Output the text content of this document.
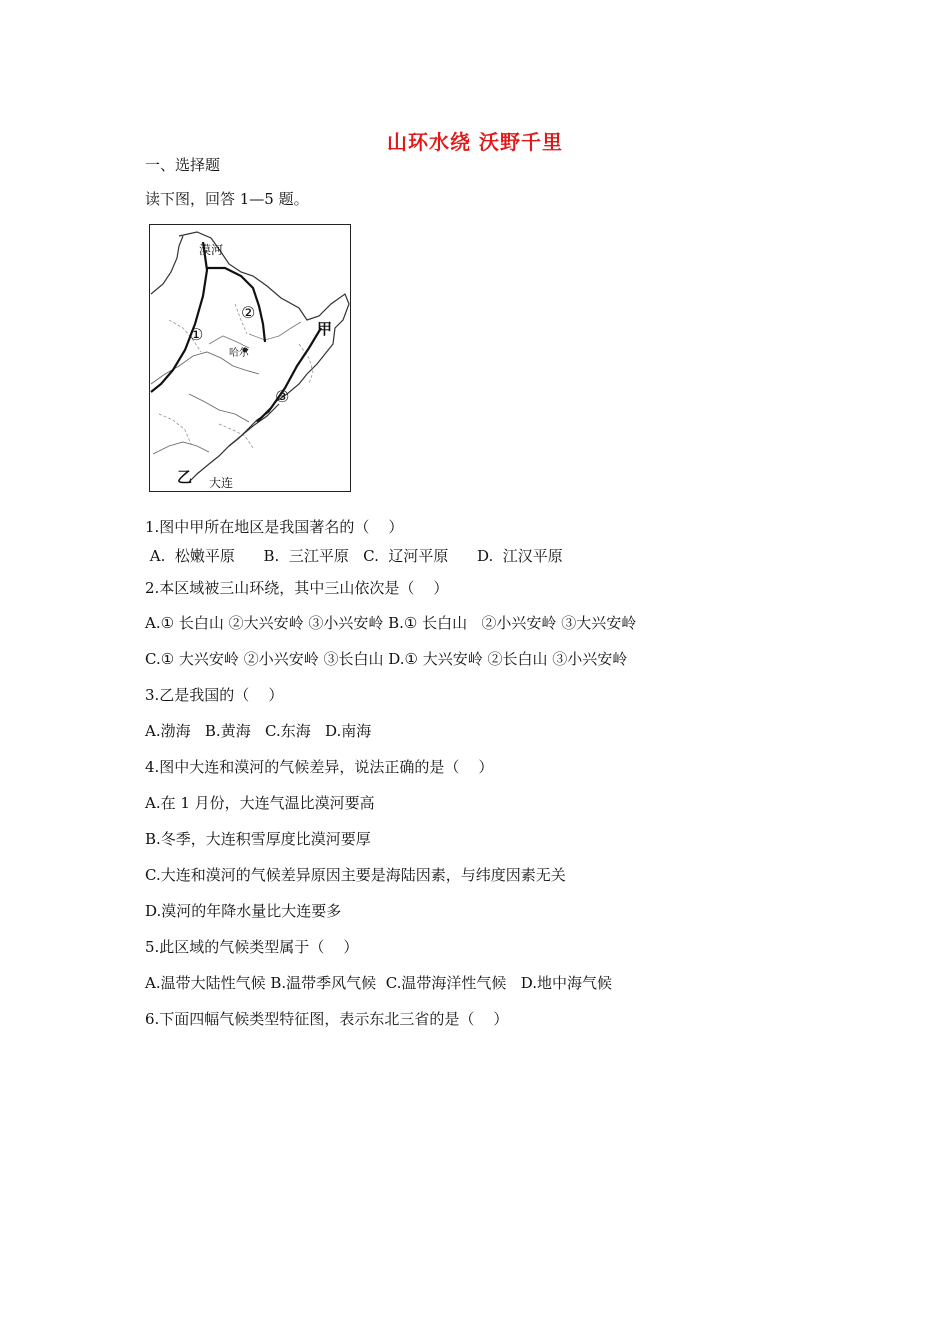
山环水绕 沃野千里
一、选择题
读下图，回答 1—5 题。
漠河
哈尔
甲
乙 大连
①
②
③
1.图中甲所在地区是我国著名的（    ）
A.  松嫩平原      B.  三江平原   C.  辽河平原      D.  江汉平原
2.本区域被三山环绕，其中三山依次是（    ）
A.① 长白山 ②大兴安岭 ③小兴安岭 B.① 长白山   ②小兴安岭 ③大兴安岭
C.① 大兴安岭 ②小兴安岭 ③长白山 D.① 大兴安岭 ②长白山 ③小兴安岭
3.乙是我国的（    ）
A.渤海   B.黄海   C.东海   D.南海
4.图中大连和漠河的气候差异，说法正确的是（    ）
A.在 1 月份，大连气温比漠河要高
B.冬季，大连积雪厚度比漠河要厚
C.大连和漠河的气候差异原因主要是海陆因素，与纬度因素无关
D.漠河的年降水量比大连要多
5.此区域的气候类型属于（    ）
A.温带大陆性气候 B.温带季风气候  C.温带海洋性气候   D.地中海气候
6.下面四幅气候类型特征图，表示东北三省的是（    ）
